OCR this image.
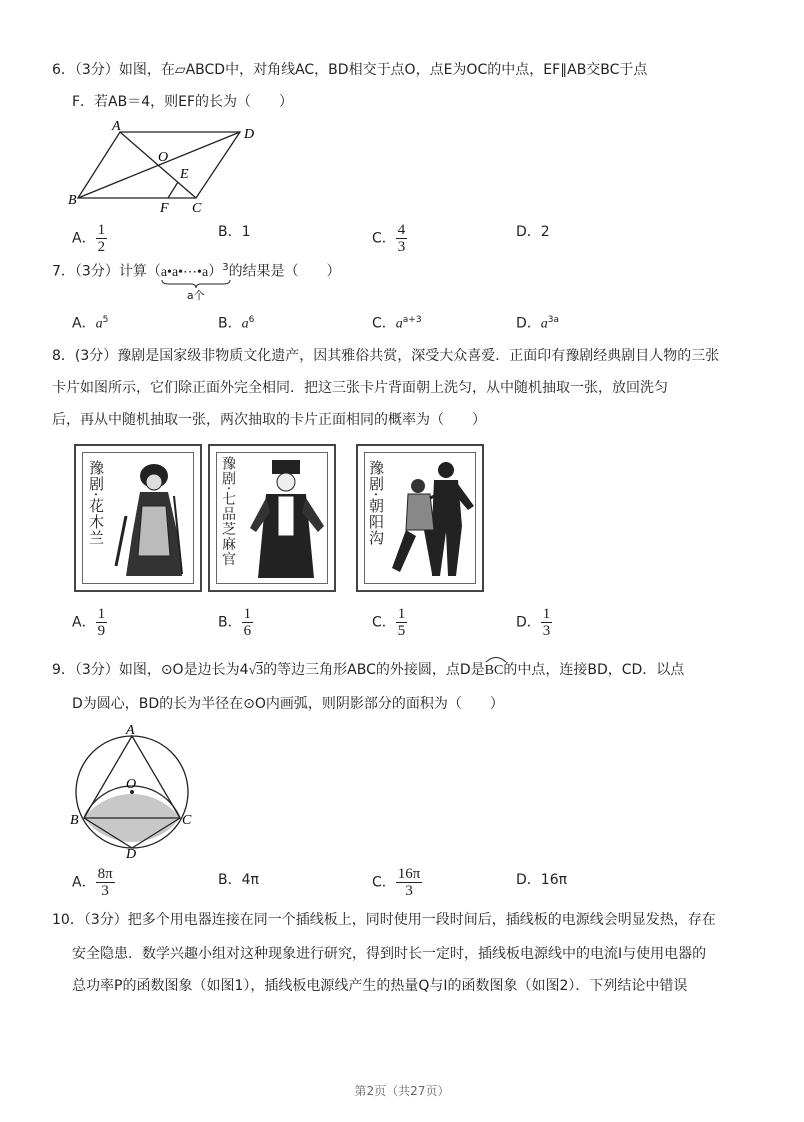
6．（3分）如图，在▱ABCD中，对角线AC，BD相交于点O，点E为OC的中点，EF∥AB交BC于点
F．若AB＝4，则EF的长为（　　）
A
D
B
C
O
E
F
A． $\frac{1}{2}$	B．1	C． $\frac{4}{3}$	D．2
7．（3分）计算（a•a•⋯•a
a个
）$^3$的结果是（　　）
A．$a^5$	B．$a^6$	C．$a^{a+3}$	D．$a^{3a}$
8．(3分）豫剧是国家级非物质文化遗产，因其雅俗共赏，深受大众喜爱．正面印有豫剧经典剧目人物的三张
卡片如图所示，它们除正面外完全相同．把这三张卡片背面朝上洗匀，从中随机抽取一张，放回洗匀
后，再从中随机抽取一张，两次抽取的卡片正面相同的概率为（　　）
豫剧·花木兰	豫剧·七品芝麻官	豫剧·朝阳沟
A． $\frac{1}{9}$	B． $\frac{1}{6}$	C． $\frac{1}{5}$	D． $\frac{1}{3}$
9．（3分）如图，⊙O是边长为4√3的等边三角形ABC的外接圆，点D是BC
的中点，连接BD，CD．以点
D为圆心，BD的长为半径在⊙O内画弧，则阴影部分的面积为（　　）
A
O
B	C
D
A． $\frac{8\pi}{3}$	B．4π	C． $\frac{16\pi}{3}$	D．16π
10．（3分）把多个用电器连接在同一个插线板上，同时使用一段时间后，插线板的电源线会明显发热，存在
安全隐患．数学兴趣小组对这种现象进行研究，得到时长一定时，插线板电源线中的电流I与使用电器的
总功率P的函数图象（如图1），插线板电源线产生的热量Q与I的函数图象（如图2）．下列结论中错误
第2页（共27页）
